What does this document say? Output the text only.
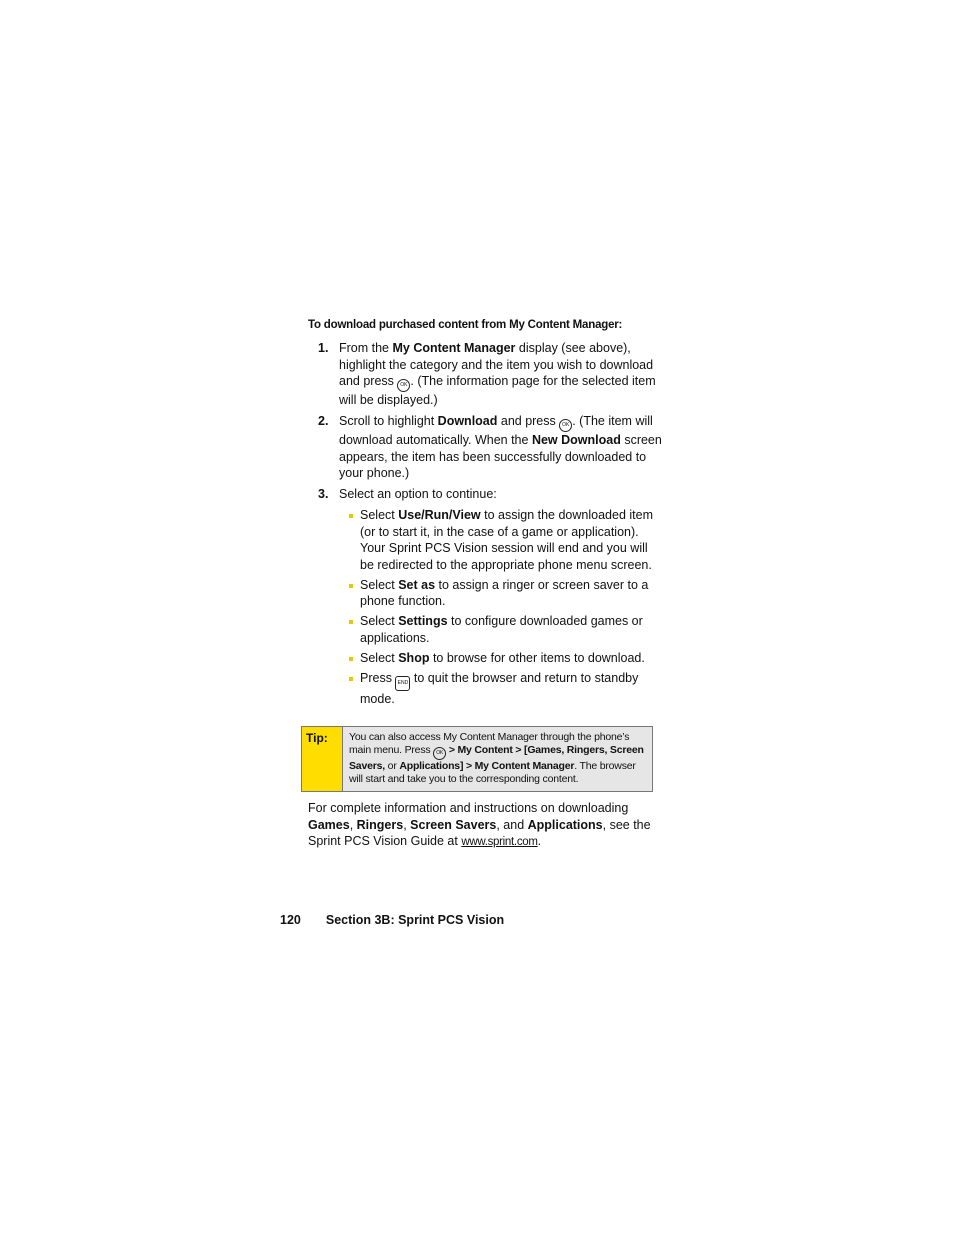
To download purchased content from My Content Manager:
1. From the My Content Manager display (see above), highlight the category and the item you wish to download and press OK . (The information page for the selected item will be displayed.)
2. Scroll to highlight Download and press OK . (The item will download automatically. When the New Download screen appears, the item has been successfully downloaded to your phone.)
3. Select an option to continue:
Select Use/Run/View to assign the downloaded item (or to start it, in the case of a game or application). Your Sprint PCS Vision session will end and you will be redirected to the appropriate phone menu screen.
Select Set as to assign a ringer or screen saver to a phone function.
Select Settings to configure downloaded games or applications.
Select Shop to browse for other items to download.
Press END to quit the browser and return to standby mode.
Tip:	You can also access My Content Manager through the phone’s main menu. Press OK > My Content > [Games, Ringers, Screen Savers, or Applications] > My Content Manager. The browser will start and take you to the corresponding content.
For complete information and instructions on downloading Games, Ringers, Screen Savers, and Applications, see the Sprint PCS Vision Guide at www.sprint.com.
120 Section 3B: Sprint PCS Vision
